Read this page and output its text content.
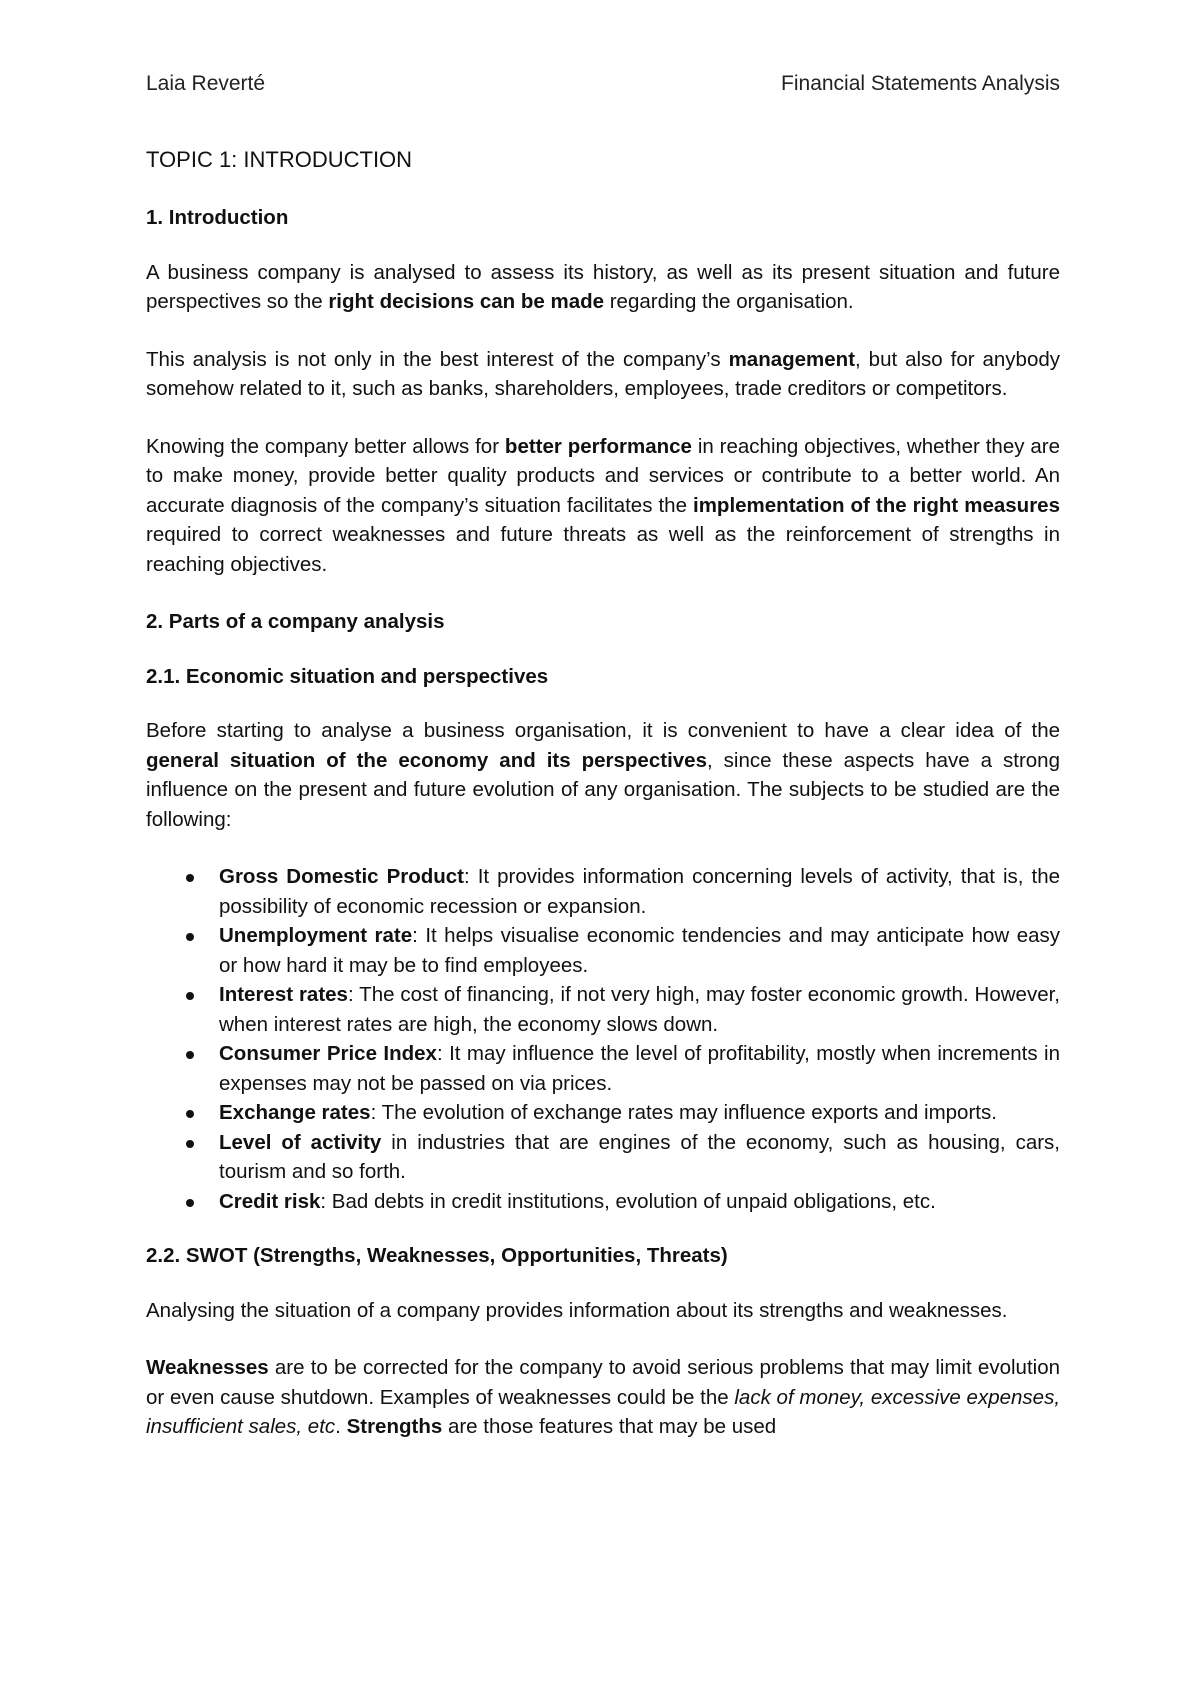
Laia Reverté	Financial Statements Analysis
TOPIC 1: INTRODUCTION
1. Introduction

A business company is analysed to assess its history, as well as its present situation and future perspectives so the right decisions can be made regarding the organisation.

This analysis is not only in the best interest of the company’s management, but also for anybody somehow related to it, such as banks, shareholders, employees, trade creditors or competitors.

Knowing the company better allows for better performance in reaching objectives, whether they are to make money, provide better quality products and services or contribute to a better world. An accurate diagnosis of the company’s situation facilitates the implementation of the right measures required to correct weaknesses and future threats as well as the reinforcement of strengths in reaching objectives.

2. Parts of a company analysis
2.1. Economic situation and perspectives

Before starting to analyse a business organisation, it is convenient to have a clear idea of the general situation of the economy and its perspectives, since these aspects have a strong influence on the present and future evolution of any organisation. The subjects to be studied are the following:

Gross Domestic Product: It provides information concerning levels of activity, that is, the possibility of economic recession or expansion.
Unemployment rate: It helps visualise economic tendencies and may anticipate how easy or how hard it may be to find employees.
Interest rates: The cost of financing, if not very high, may foster economic growth. However, when interest rates are high, the economy slows down.
Consumer Price Index: It may influence the level of profitability, mostly when increments in expenses may not be passed on via prices.
Exchange rates: The evolution of exchange rates may influence exports and imports.
Level of activity in industries that are engines of the economy, such as housing, cars, tourism and so forth.
Credit risk: Bad debts in credit institutions, evolution of unpaid obligations, etc.
2.2. SWOT (Strengths, Weaknesses, Opportunities, Threats)

Analysing the situation of a company provides information about its strengths and weaknesses.

Weaknesses are to be corrected for the company to avoid serious problems that may limit evolution or even cause shutdown. Examples of weaknesses could be the lack of money, excessive expenses, insufficient sales, etc. Strengths are those features that may be used
